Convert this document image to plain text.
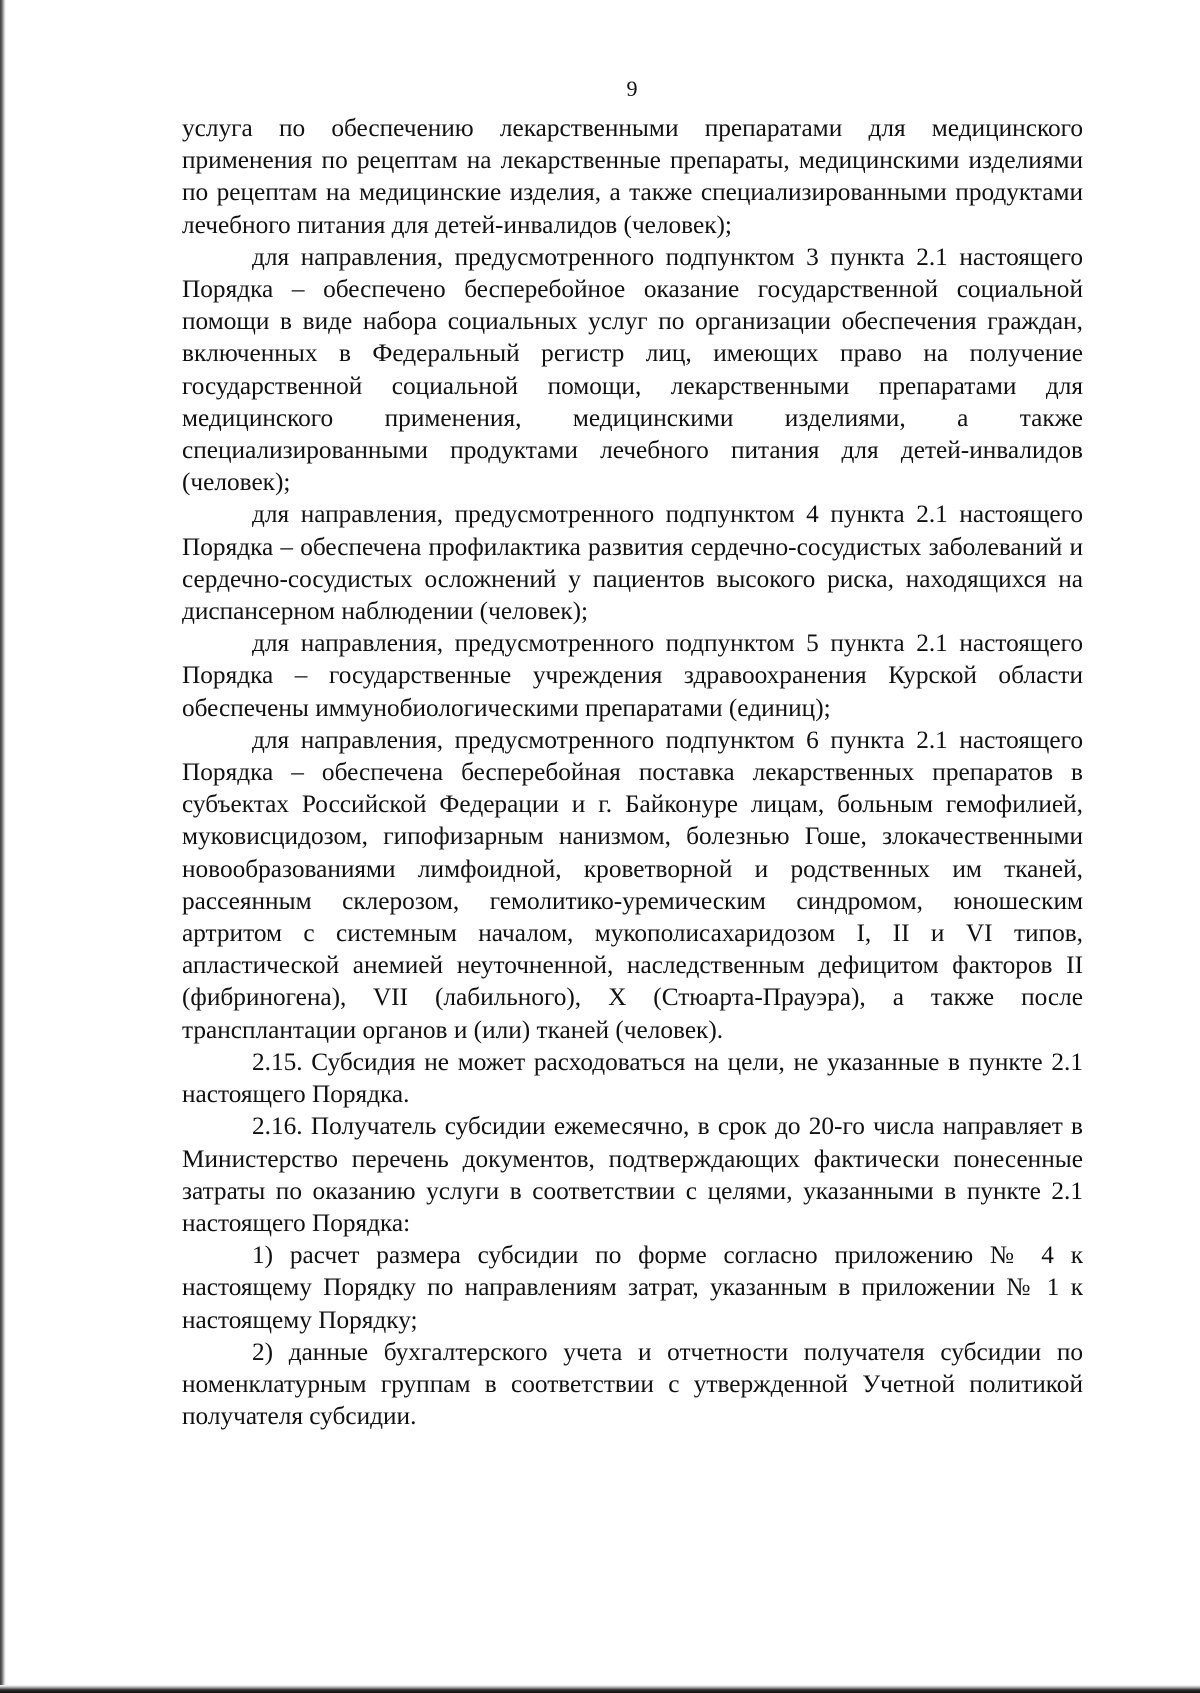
9

услуга по обеспечению лекарственными препаратами для медицинского применения по рецептам на лекарственные препараты, медицинскими изделиями по рецептам на медицинские изделия, а также специализированными продуктами лечебного питания для детей-инвалидов (человек);

для направления, предусмотренного подпунктом 3 пункта 2.1 настоящего Порядка – обеспечено бесперебойное оказание государственной социальной помощи в виде набора социальных услуг по организации обеспечения граждан, включенных в Федеральный регистр лиц, имеющих право на получение государственной социальной помощи, лекарственными препаратами для медицинского применения, медицинскими изделиями, а также специализированными продуктами лечебного питания для детей-инвалидов (человек);

для направления, предусмотренного подпунктом 4 пункта 2.1 настоящего Порядка – обеспечена профилактика развития сердечно-сосудистых заболеваний и сердечно-сосудистых осложнений у пациентов высокого риска, находящихся на диспансерном наблюдении (человек);

для направления, предусмотренного подпунктом 5 пункта 2.1 настоящего Порядка – государственные учреждения здравоохранения Курской области обеспечены иммунобиологическими препаратами (единиц);

для направления, предусмотренного подпунктом 6 пункта 2.1 настоящего Порядка – обеспечена бесперебойная поставка лекарственных препаратов в субъектах Российской Федерации и г. Байконуре лицам, больным гемофилией, муковисцидозом, гипофизарным нанизмом, болезнью Гоше, злокачественными новообразованиями лимфоидной, кроветворной и родственных им тканей, рассеянным склерозом, гемолитико-уремическим синдромом, юношеским артритом с системным началом, мукополисахаридозом I, II и VI типов, апластической анемией неуточненной, наследственным дефицитом факторов II (фибриногена), VII (лабильного), X (Стюарта-Прауэра), а также после трансплантации органов и (или) тканей (человек).

2.15. Субсидия не может расходоваться на цели, не указанные в пункте 2.1 настоящего Порядка.

2.16. Получатель субсидии ежемесячно, в срок до 20-го числа направляет в Министерство перечень документов, подтверждающих фактически понесенные затраты по оказанию услуги в соответствии с целями, указанными в пункте 2.1 настоящего Порядка:

1) расчет размера субсидии по форме согласно приложению № 4 к настоящему Порядку по направлениям затрат, указанным в приложении № 1 к настоящему Порядку;

2) данные бухгалтерского учета и отчетности получателя субсидии по номенклатурным группам в соответствии с утвержденной Учетной политикой получателя субсидии.
